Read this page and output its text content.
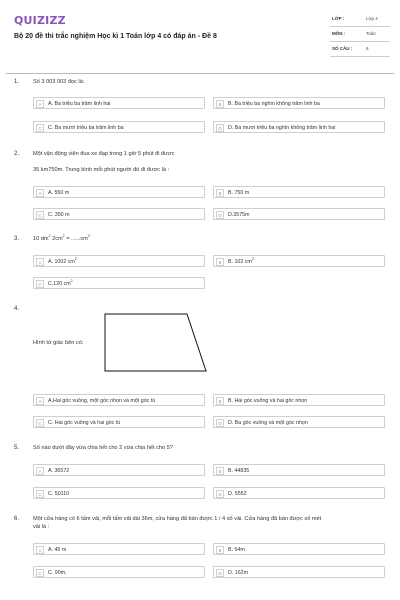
QUIZIZZ
Bộ 20 đề thi trắc nghiệm Học kì 1 Toán lớp 4 có đáp án - Đề 8
LỚP :	Lớp 4
MÔN :	Toán
SỐ CÂU :	6
1. Số 3 003 003 đọc là:
A	A. Ba triệu ba trăm linh hai	B	B. Ba triệu ba nghìn không trăm linh ba
C	C. Ba mươi triệu ba trăm linh ba	D	D. Ba mươi triệu ba nghìn không trăm linh hai
2. Một vận động viên đua xe đạp trong 1 giờ 5 phút đi được
35 km750m. Trung bình mỗi phút người đó đi được là :
A	A. 550 m	B	B. 750 m
C	C. 350 m	D	D.3575m
3. 10 $dm^2$ $2cm^2 = ......cm^2$
A	A. 1002 $cm^2$
B	B. 102 $cm^2$
C	C.120 $cm^2$
4.
Hình tứ giác bên có:
A	A.Hai góc vuông, một góc nhọn và một góc tù	B	B. Hai góc vuông và hai góc nhọn
C	C. Hai góc vuông và hai góc tù	D	D. Ba góc vuông và một góc nhọn
5. Số nào dưới đây vừa chia hết cho 2 vừa chia hết cho 5?
A	A. 36572	B	B. 44835
C	C. 50110	D	D. 5552
6. Một cửa hàng có 6 tấm vải, mỗi tấm vải dài 36m, cửa hàng đã bán được 1 / 4 số vải. Cửa hàng đã bán được số mét
vải là :
A	A. 45 m	B	B. 54m
C	C. 90m.	D	D. 162m
